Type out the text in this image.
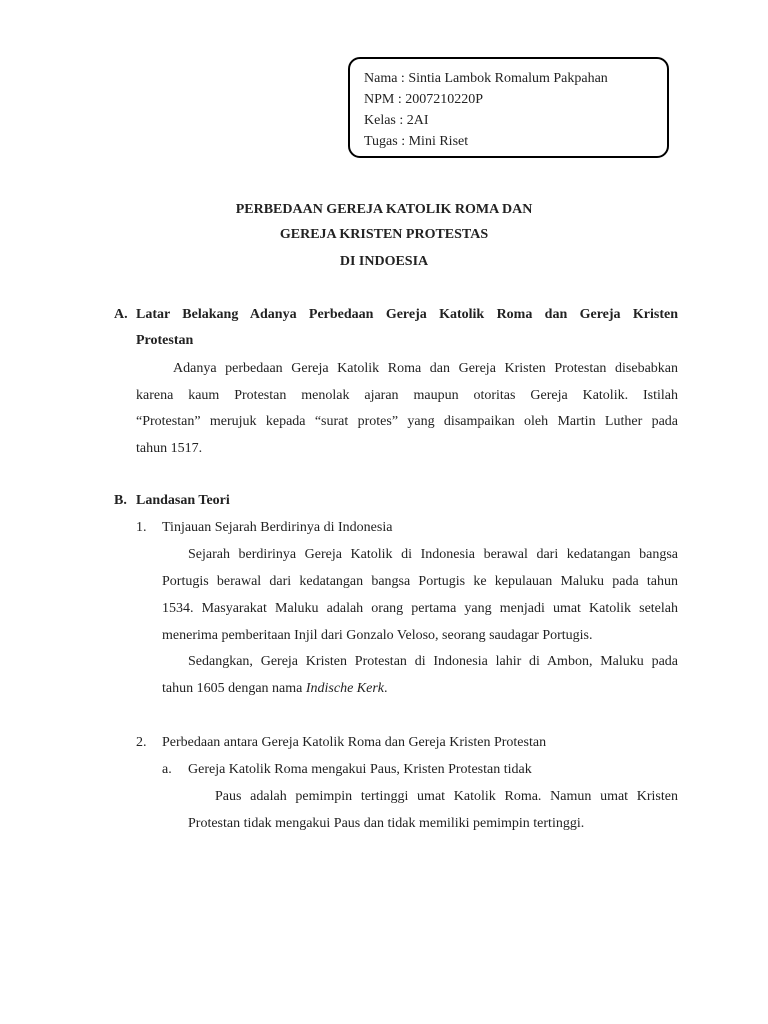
Nama : Sintia Lambok Romalum Pakpahan
NPM : 2007210220P
Kelas : 2AI
Tugas : Mini Riset
PERBEDAAN GEREJA KATOLIK ROMA DAN
GEREJA KRISTEN PROTESTAS
DI INDOESIA
A. Latar Belakang Adanya Perbedaan Gereja Katolik Roma dan Gereja Kristen
Protestan
Adanya perbedaan Gereja Katolik Roma dan Gereja Kristen Protestan disebabkan
karena kaum Protestan menolak ajaran maupun otoritas Gereja Katolik. Istilah
“Protestan” merujuk kepada “surat protes” yang disampaikan oleh Martin Luther pada
tahun 1517.
B. Landasan Teori
1. Tinjauan Sejarah Berdirinya di Indonesia
Sejarah berdirinya Gereja Katolik di Indonesia berawal dari kedatangan bangsa
Portugis berawal dari kedatangan bangsa Portugis ke kepulauan Maluku pada tahun
1534. Masyarakat Maluku adalah orang pertama yang menjadi umat Katolik setelah
menerima pemberitaan Injil dari Gonzalo Veloso, seorang saudagar Portugis.
Sedangkan, Gereja Kristen Protestan di Indonesia lahir di Ambon, Maluku pada
tahun 1605 dengan nama Indische Kerk.
2. Perbedaan antara Gereja Katolik Roma dan Gereja Kristen Protestan
a. Gereja Katolik Roma mengakui Paus, Kristen Protestan tidak
Paus adalah pemimpin tertinggi umat Katolik Roma. Namun umat Kristen
Protestan tidak mengakui Paus dan tidak memiliki pemimpin tertinggi.
